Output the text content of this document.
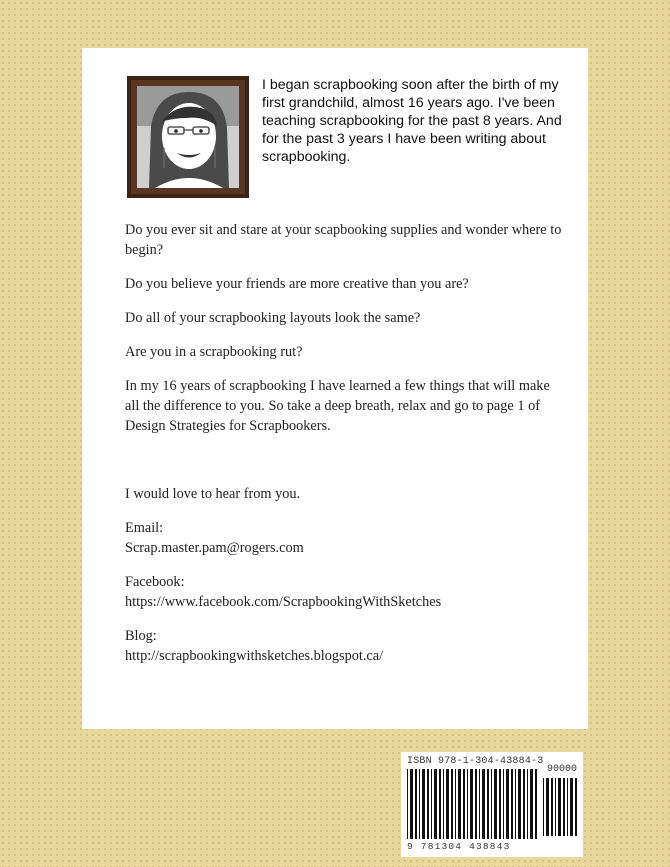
I began scrapbooking soon after the birth of my first grandchild, almost 16 years ago. I've been teaching scrapbooking for the past 8 years. And for the past 3 years I have been writing about scrapbooking.

Do you ever sit and stare at your scapbooking supplies and wonder where to begin?

Do you believe your friends are more creative than you are?

Do all of your scrapbooking layouts look the same?

Are you in a scrapbooking rut?

In my 16 years of scrapbooking I have learned a few things that will make all the difference to you. So take a deep breath, relax and go to page 1 of Design Strategies for Scrapbookers.

I would love to hear from you.

Email:

Scrap.master.pam@rogers.com

Facebook:

https://www.facebook.com/ScrapbookingWithSketches

Blog:

http://scrapbookingwithsketches.blogspot.ca/

ISBN 978-1-304-43884-3
90000
9 781304 438843
